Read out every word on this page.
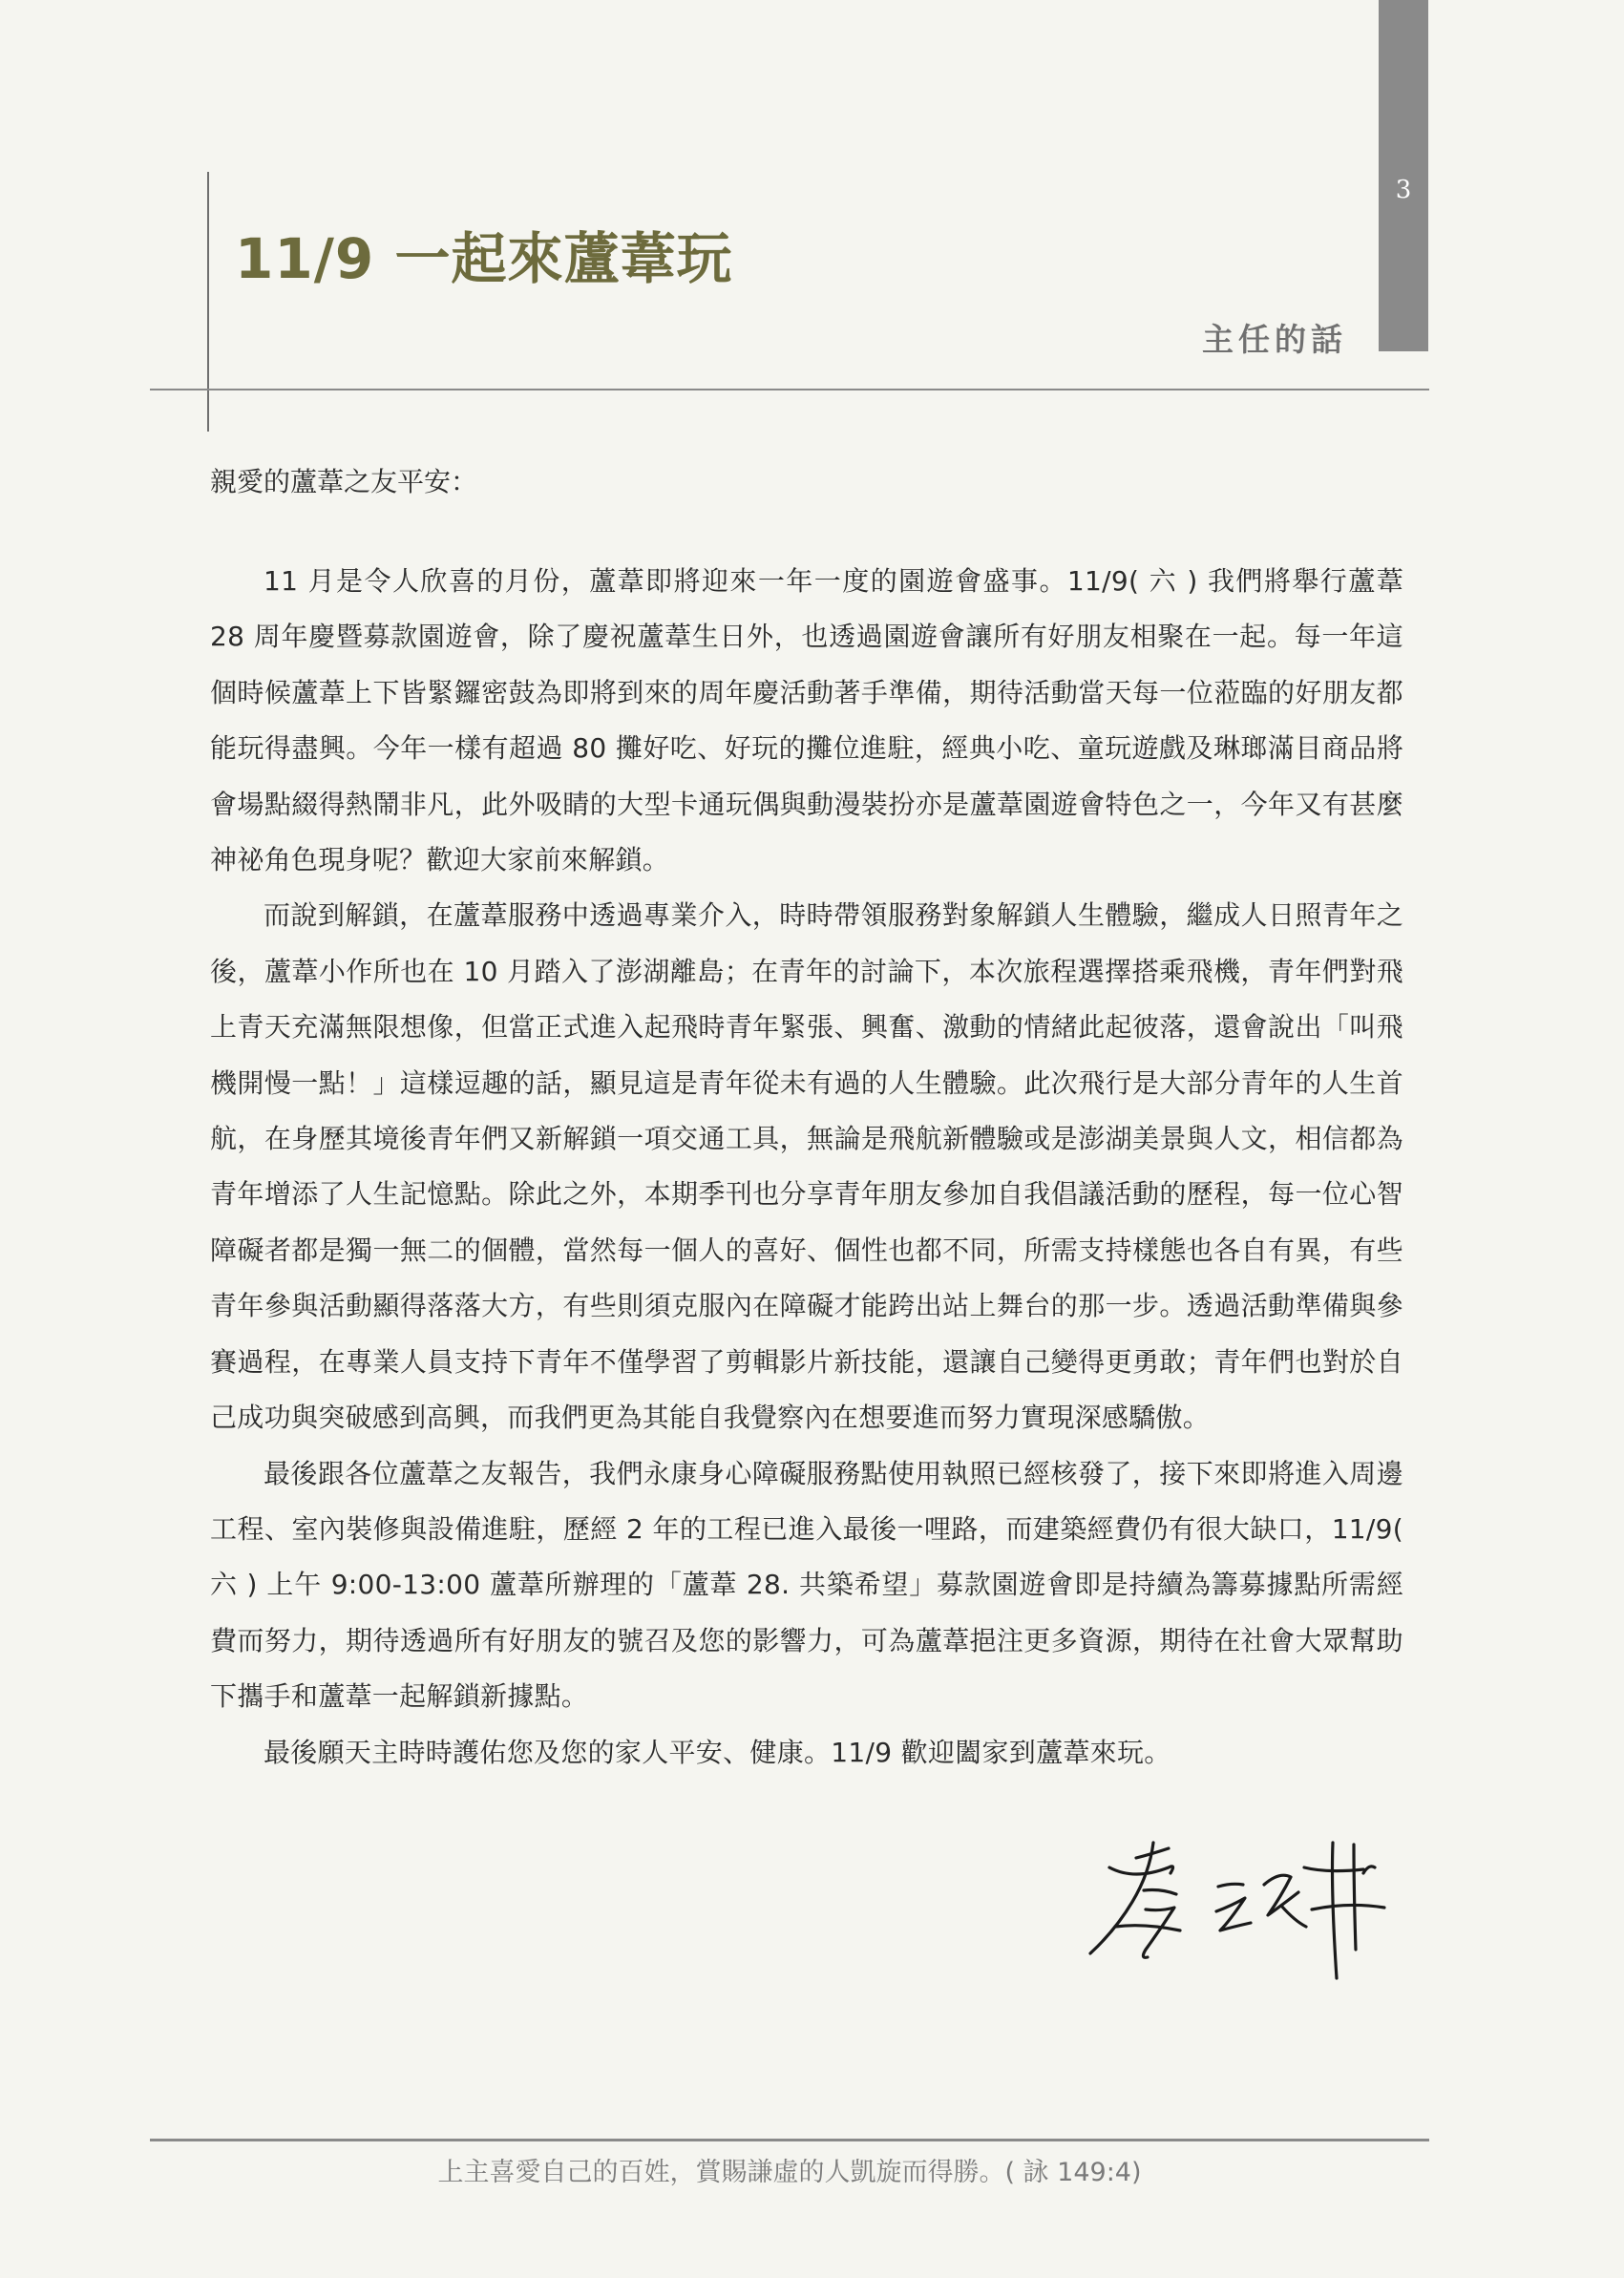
3
11/9 一起來蘆葦玩
主任的話

親愛的蘆葦之友平安：

11 月是令人欣喜的月份，蘆葦即將迎來一年一度的園遊會盛事。11/9( 六 ) 我們將舉行蘆葦 28 周年慶暨募款園遊會，除了慶祝蘆葦生日外，也透過園遊會讓所有好朋友相聚在一起。每一年這個時候蘆葦上下皆緊鑼密鼓為即將到來的周年慶活動著手準備，期待活動當天每一位蒞臨的好朋友都能玩得盡興。今年一樣有超過 80 攤好吃、好玩的攤位進駐，經典小吃、童玩遊戲及琳瑯滿目商品將會場點綴得熱鬧非凡，此外吸睛的大型卡通玩偶與動漫裝扮亦是蘆葦園遊會特色之一，今年又有甚麼神祕角色現身呢？歡迎大家前來解鎖。

而說到解鎖，在蘆葦服務中透過專業介入，時時帶領服務對象解鎖人生體驗，繼成人日照青年之後，蘆葦小作所也在 10 月踏入了澎湖離島；在青年的討論下，本次旅程選擇搭乘飛機，青年們對飛上青天充滿無限想像，但當正式進入起飛時青年緊張、興奮、激動的情緒此起彼落，還會說出「叫飛機開慢一點！」這樣逗趣的話，顯見這是青年從未有過的人生體驗。此次飛行是大部分青年的人生首航，在身歷其境後青年們又新解鎖一項交通工具，無論是飛航新體驗或是澎湖美景與人文，相信都為青年增添了人生記憶點。除此之外，本期季刊也分享青年朋友參加自我倡議活動的歷程，每一位心智障礙者都是獨一無二的個體，當然每一個人的喜好、個性也都不同，所需支持樣態也各自有異，有些青年參與活動顯得落落大方，有些則須克服內在障礙才能跨出站上舞台的那一步。透過活動準備與參賽過程，在專業人員支持下青年不僅學習了剪輯影片新技能，還讓自己變得更勇敢；青年們也對於自己成功與突破感到高興，而我們更為其能自我覺察內在想要進而努力實現深感驕傲。

最後跟各位蘆葦之友報告，我們永康身心障礙服務點使用執照已經核發了，接下來即將進入周邊工程、室內裝修與設備進駐，歷經 2 年的工程已進入最後一哩路，而建築經費仍有很大缺口，11/9( 六 ) 上午 9:00-13:00 蘆葦所辦理的「蘆葦 28. 共築希望」募款園遊會即是持續為籌募據點所需經費而努力，期待透過所有好朋友的號召及您的影響力，可為蘆葦挹注更多資源，期待在社會大眾幫助下攜手和蘆葦一起解鎖新據點。

最後願天主時時護佑您及您的家人平安、健康。11/9 歡迎闔家到蘆葦來玩。

上主喜愛自己的百姓，賞賜謙虛的人凱旋而得勝。( 詠 149:4)
